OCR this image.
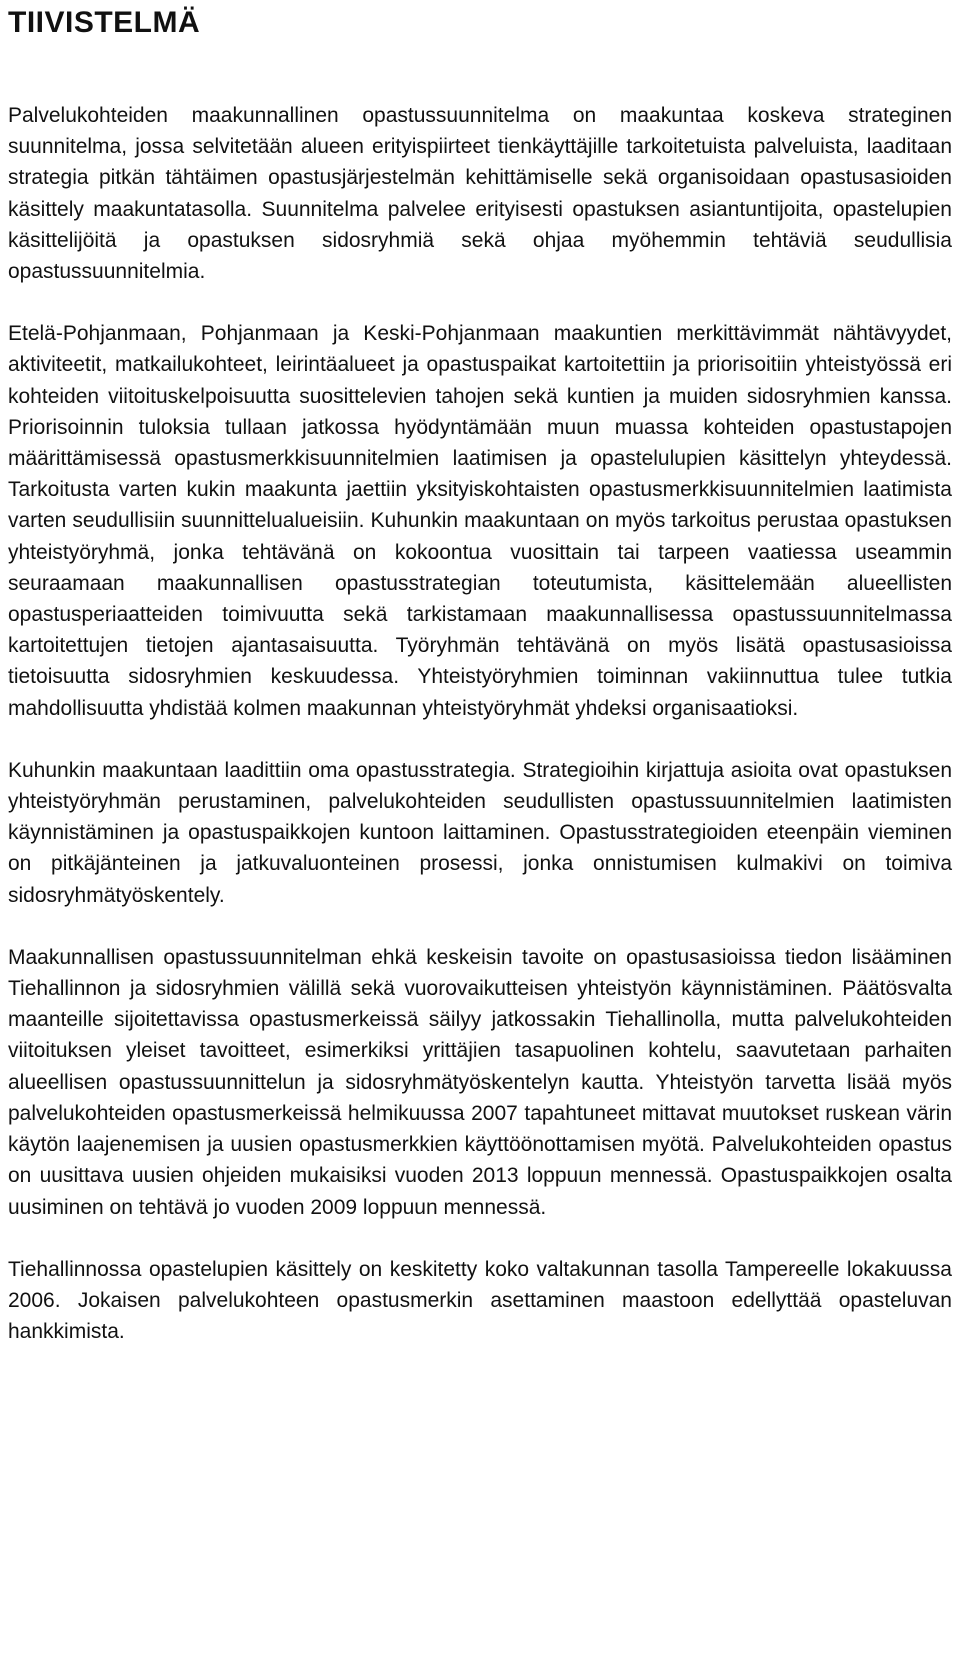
TIIVISTELMÄ

Palvelukohteiden maakunnallinen opastussuunnitelma on maakuntaa koskeva strateginen suunnitelma, jossa selvitetään alueen erityispiirteet tienkäyttäjille tarkoitetuista palveluista, laaditaan strategia pitkän tähtäimen opastusjärjestelmän kehittämiselle sekä organisoidaan opastusasioiden käsittely maakuntatasolla. Suunnitelma palvelee erityisesti opastuksen asiantuntijoita, opastelupien käsittelijöitä ja opastuksen sidosryhmiä sekä ohjaa myöhemmin tehtäviä seudullisia opastussuunnitelmia.

Etelä-Pohjanmaan, Pohjanmaan ja Keski-Pohjanmaan maakuntien merkittävimmät nähtävyydet, aktiviteetit, matkailukohteet, leirintäalueet ja opastuspaikat kartoitettiin ja priorisoitiin yhteistyössä eri kohteiden viitoituskelpoisuutta suosittelevien tahojen sekä kuntien ja muiden sidosryhmien kanssa. Priorisoinnin tuloksia tullaan jatkossa hyödyntämään muun muassa kohteiden opastustapojen määrittämisessä opastusmerkkisuunnitelmien laatimisen ja opastelulupien käsittelyn yhteydessä. Tarkoitusta varten kukin maakunta jaettiin yksityiskohtaisten opastusmerkkisuunnitelmien laatimista varten seudullisiin suunnittelualueisiin. Kuhunkin maakuntaan on myös tarkoitus perustaa opastuksen yhteistyöryhmä, jonka tehtävänä on kokoontua vuosittain tai tarpeen vaatiessa useammin seuraamaan maakunnallisen opastusstrategian toteutumista, käsittelemään alueellisten opastusperiaatteiden toimivuutta sekä tarkistamaan maakunnallisessa opastussuunnitelmassa kartoitettujen tietojen ajantasaisuutta. Työryhmän tehtävänä on myös lisätä opastusasioissa tietoisuutta sidosryhmien keskuudessa. Yhteistyöryhmien toiminnan vakiinnuttua tulee tutkia mahdollisuutta yhdistää kolmen maakunnan yhteistyöryhmät yhdeksi organisaatioksi.

Kuhunkin maakuntaan laadittiin oma opastusstrategia. Strategioihin kirjattuja asioita ovat opastuksen yhteistyöryhmän perustaminen, palvelukohteiden seudullisten opastussuunnitelmien laatimisten käynnistäminen ja opastuspaikkojen kuntoon laittaminen. Opastusstrategioiden eteenpäin vieminen on pitkäjänteinen ja jatkuvaluonteinen prosessi, jonka onnistumisen kulmakivi on toimiva sidosryhmätyöskentely.

Maakunnallisen opastussuunnitelman ehkä keskeisin tavoite on opastusasioissa tiedon lisääminen Tiehallinnon ja sidosryhmien välillä sekä vuorovaikutteisen yhteistyön käynnistäminen. Päätösvalta maanteille sijoitettavissa opastusmerkeissä säilyy jatkossakin Tiehallinolla, mutta palvelukohteiden viitoituksen yleiset tavoitteet, esimerkiksi yrittäjien tasapuolinen kohtelu, saavutetaan parhaiten alueellisen opastussuunnittelun ja sidosryhmätyöskentelyn kautta. Yhteistyön tarvetta lisää myös palvelukohteiden opastusmerkeissä helmikuussa 2007 tapahtuneet mittavat muutokset ruskean värin käytön laajenemisen ja uusien opastusmerkkien käyttöönottamisen myötä. Palvelukohteiden opastus on uusittava uusien ohjeiden mukaisiksi vuoden 2013 loppuun mennessä. Opastuspaikkojen osalta uusiminen on tehtävä jo vuoden 2009 loppuun mennessä.

Tiehallinnossa opastelupien käsittely on keskitetty koko valtakunnan tasolla Tampereelle lokakuussa 2006. Jokaisen palvelukohteen opastusmerkin asettaminen maastoon edellyttää opasteluvan hankkimista.
